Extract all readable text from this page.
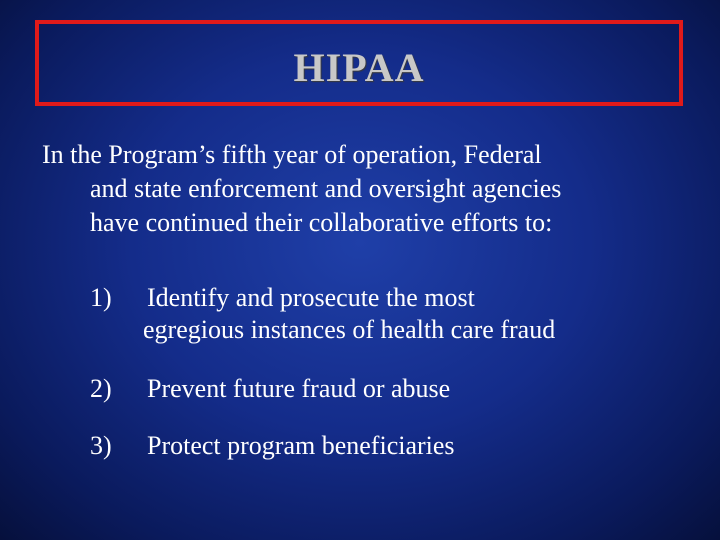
HIPAA
In the Program’s fifth year of operation, Federal
and state enforcement and oversight agencies
have continued their collaborative efforts to:
1)	Identify and prosecute the most
egregious instances of health care fraud
2)	Prevent future fraud or abuse
3)	Protect program beneficiaries
